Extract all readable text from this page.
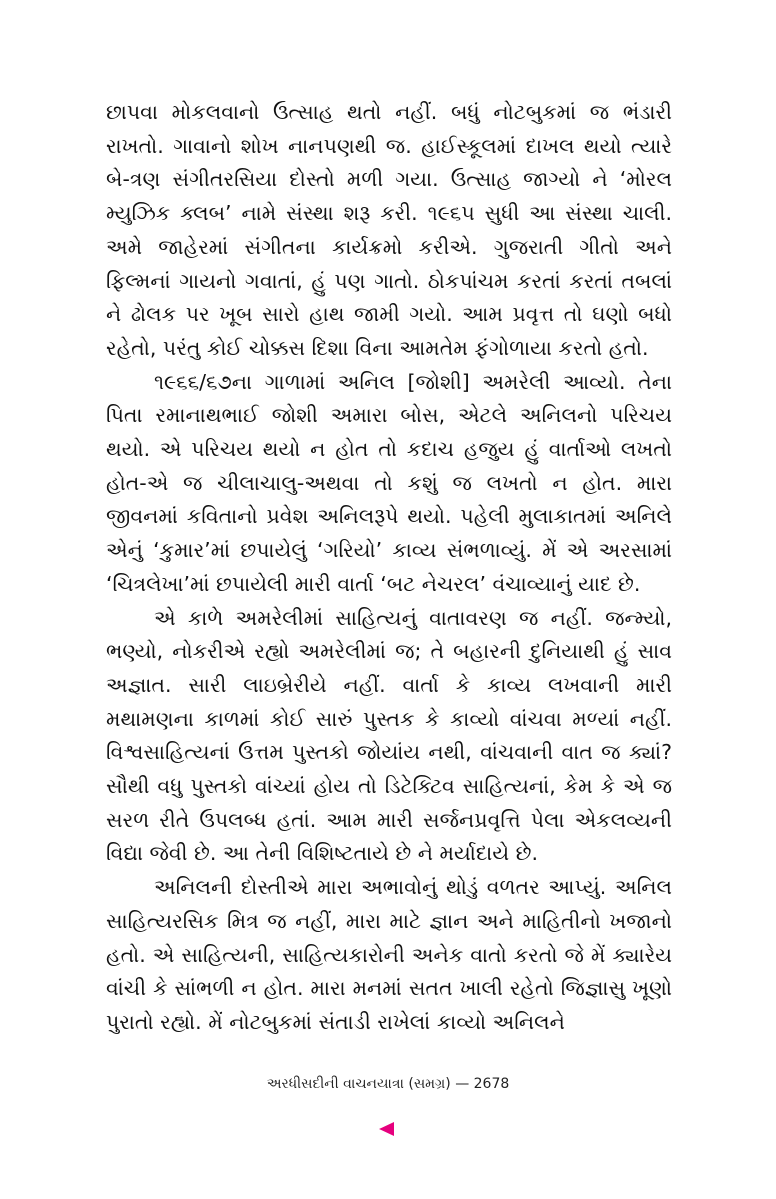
છાપવા મોકલવાનો ઉત્સાહ થતો નહીં. બધું નોટબુકમાં જ ભંડારી રાખતો. ગાવાનો શોખ નાનપણથી જ. હાઈસ્કૂલમાં દાખલ થયો ત્યારે બે-ત્રણ સંગીતરસિયા દોસ્તો મળી ગયા. ઉત્સાહ જાગ્યો ને ‘મોરલ મ્યુઝિક ક્લબ’ નામે સંસ્થા શરૂ કરી. ૧૯૬૫ સુધી આ સંસ્થા ચાલી. અમે જાહેરમાં સંગીતના કાર્યક્રમો કરીએ. ગુજરાતી ગીતો અને ફિલ્મનાં ગાયનો ગવાતાં, હું પણ ગાતો. ઠોકપાંચમ કરતાં કરતાં તબલાં ને ઢોલક પર ખૂબ સારો હાથ જામી ગયો. આમ પ્રવૃત્ત તો ઘણો બધો રહેતો, પરંતુ કોઈ ચોક્કસ દિશા વિના આમતેમ ફંગોળાયા કરતો હતો.

૧૯૬૬/૬૭ના ગાળામાં અનિલ [જોશી] અમરેલી આવ્યો. તેના પિતા રમાનાથભાઈ જોશી અમારા બોસ, એટલે અનિલનો પરિચય થયો. એ પરિચય થયો ન હોત તો કદાચ હજુય હું વાર્તાઓ લખતો હોત-એ જ ચીલાચાલુ-અથવા તો કશું જ લખતો ન હોત. મારા જીવનમાં કવિતાનો પ્રવેશ અનિલરૂપે થયો. પહેલી મુલાકાતમાં અનિલે એનું ‘કુમાર’માં છપાયેલું ‘ગરિયો’ કાવ્ય સંભળાવ્યું. મેં એ અરસામાં ‘ચિત્રલેખા’માં છપાયેલી મારી વાર્તા ‘બટ નેચરલ’ વંચાવ્યાનું યાદ છે.

એ કાળે અમરેલીમાં સાહિત્યનું વાતાવરણ જ નહીં. જન્મ્યો, ભણ્યો, નોકરીએ રહ્યો અમરેલીમાં જ; તે બહારની દુનિયાથી હું સાવ અજ્ઞાત. સારી લાઇબ્રેરીયે નહીં. વાર્તા કે કાવ્ય લખવાની મારી મથામણના કાળમાં કોઈ સારું પુસ્તક કે કાવ્યો વાંચવા મળ્યાં નહીં. વિશ્વસાહિત્યનાં ઉત્તમ પુસ્તકો જોયાંય નથી, વાંચવાની વાત જ ક્યાં? સૌથી વધુ પુસ્તકો વાંચ્યાં હોય તો ડિટેક્ટિવ સાહિત્યનાં, કેમ કે એ જ સરળ રીતે ઉપલબ્ધ હતાં. આમ મારી સર્જનપ્રવૃત્તિ પેલા એકલવ્યની વિદ્યા જેવી છે. આ તેની વિશિષ્ટતાયે છે ને મર્યાદાયે છે.

અનિલની દોસ્તીએ મારા અભાવોનું થોડું વળતર આપ્યું. અનિલ સાહિત્યરસિક મિત્ર જ નહીં, મારા માટે જ્ઞાન અને માહિતીનો ખજાનો હતો. એ સાહિત્યની, સાહિત્યકારોની અનેક વાતો કરતો જે મેં ક્યારેય વાંચી કે સાંભળી ન હોત. મારા મનમાં સતત ખાલી રહેતો જિજ્ઞાસુ ખૂણો પુરાતો રહ્યો. મેં નોટબુકમાં સંતાડી રાખેલાં કાવ્યો અનિલને

અરધીસદીની વાચનયાત્રા (સમગ્ર) — 2678
